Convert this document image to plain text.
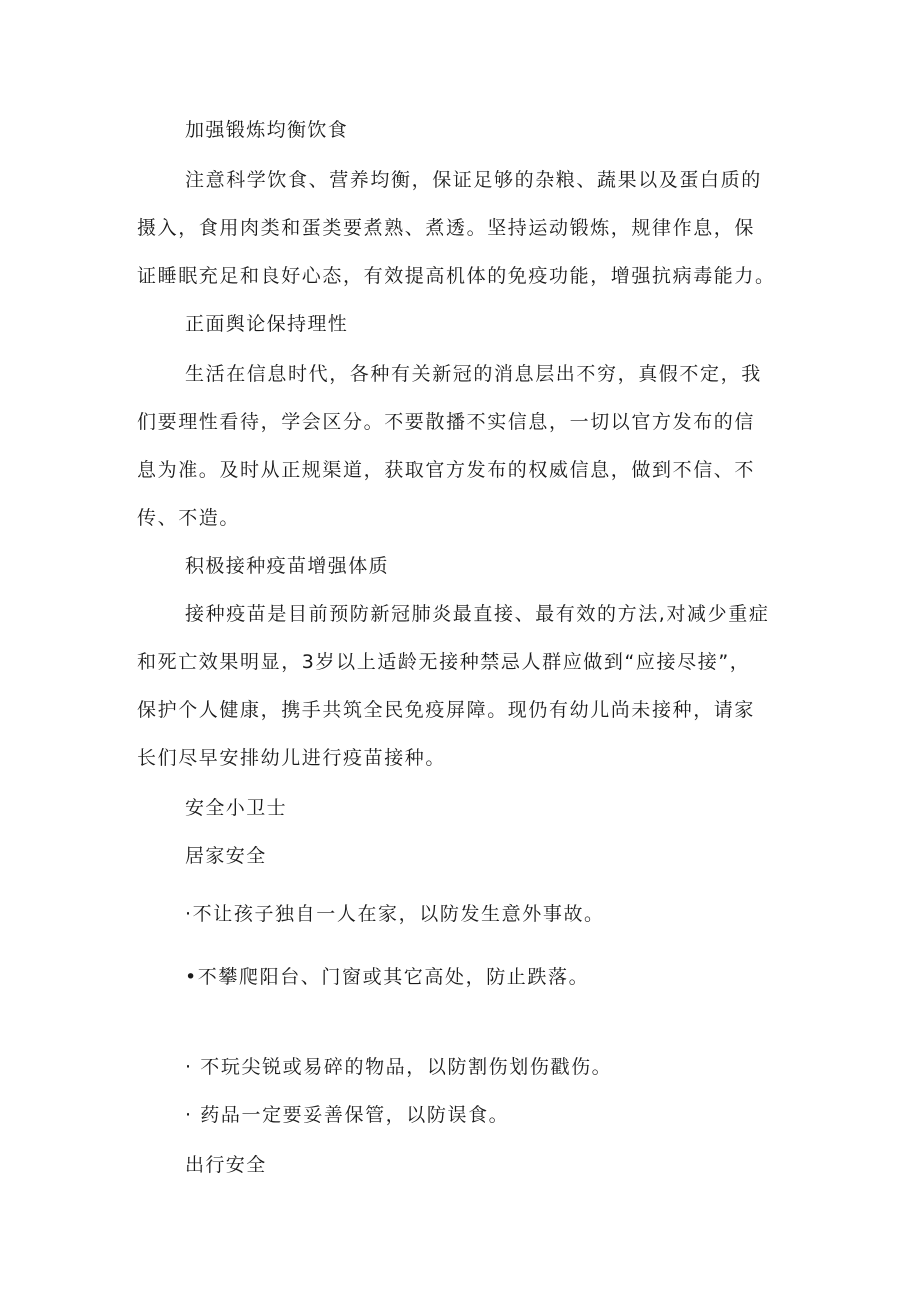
加强锻炼均衡饮食
注意科学饮食、营养均衡，保证足够的杂粮、蔬果以及蛋白质的
摄入，食用肉类和蛋类要煮熟、煮透。坚持运动锻炼，规律作息，保
证睡眠充足和良好心态，有效提高机体的免疫功能，增强抗病毒能力。
正面舆论保持理性
生活在信息时代，各种有关新冠的消息层出不穷，真假不定，我
们要理性看待，学会区分。不要散播不实信息，一切以官方发布的信
息为准。及时从正规渠道，获取官方发布的权威信息，做到不信、不
传、不造。
积极接种疫苗增强体质
接种疫苗是目前预防新冠肺炎最直接、最有效的方法,对减少重症
和死亡效果明显，3岁以上适龄无接种禁忌人群应做到“应接尽接”，
保护个人健康，携手共筑全民免疫屏障。现仍有幼儿尚未接种，请家
长们尽早安排幼儿进行疫苗接种。
安全小卫士
居家安全
·不让孩子独自一人在家，以防发生意外事故。
•不攀爬阳台、门窗或其它高处，防止跌落。
· 不玩尖锐或易碎的物品，以防割伤划伤戳伤。
· 药品一定要妥善保管，以防误食。
出行安全
